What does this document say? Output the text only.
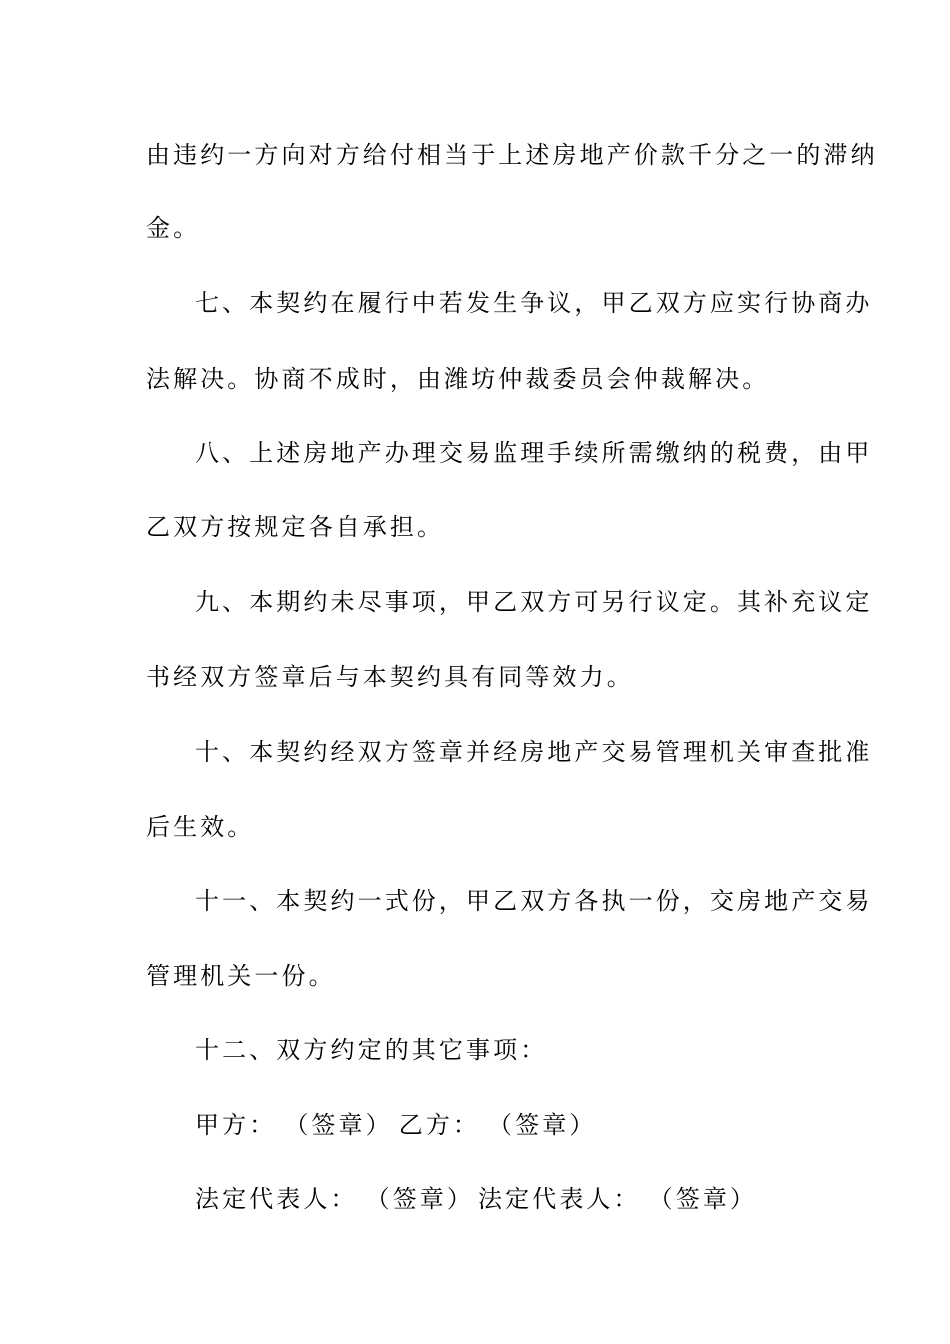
由违约一方向对方给付相当于上述房地产价款千分之一的滞纳
金。
七、本契约在履行中若发生争议，甲乙双方应实行协商办
法解决。协商不成时，由潍坊仲裁委员会仲裁解决。
八、上述房地产办理交易监理手续所需缴纳的税费，由甲
乙双方按规定各自承担。
九、本期约未尽事项，甲乙双方可另行议定。其补充议定
书经双方签章后与本契约具有同等效力。
十、本契约经双方签章并经房地产交易管理机关审查批准
后生效。
十一、本契约一式份，甲乙双方各执一份，交房地产交易
管理机关一份。
十二、双方约定的其它事项：
甲方： （签章） 乙方： （签章）
法定代表人： （签章） 法定代表人： （签章）
